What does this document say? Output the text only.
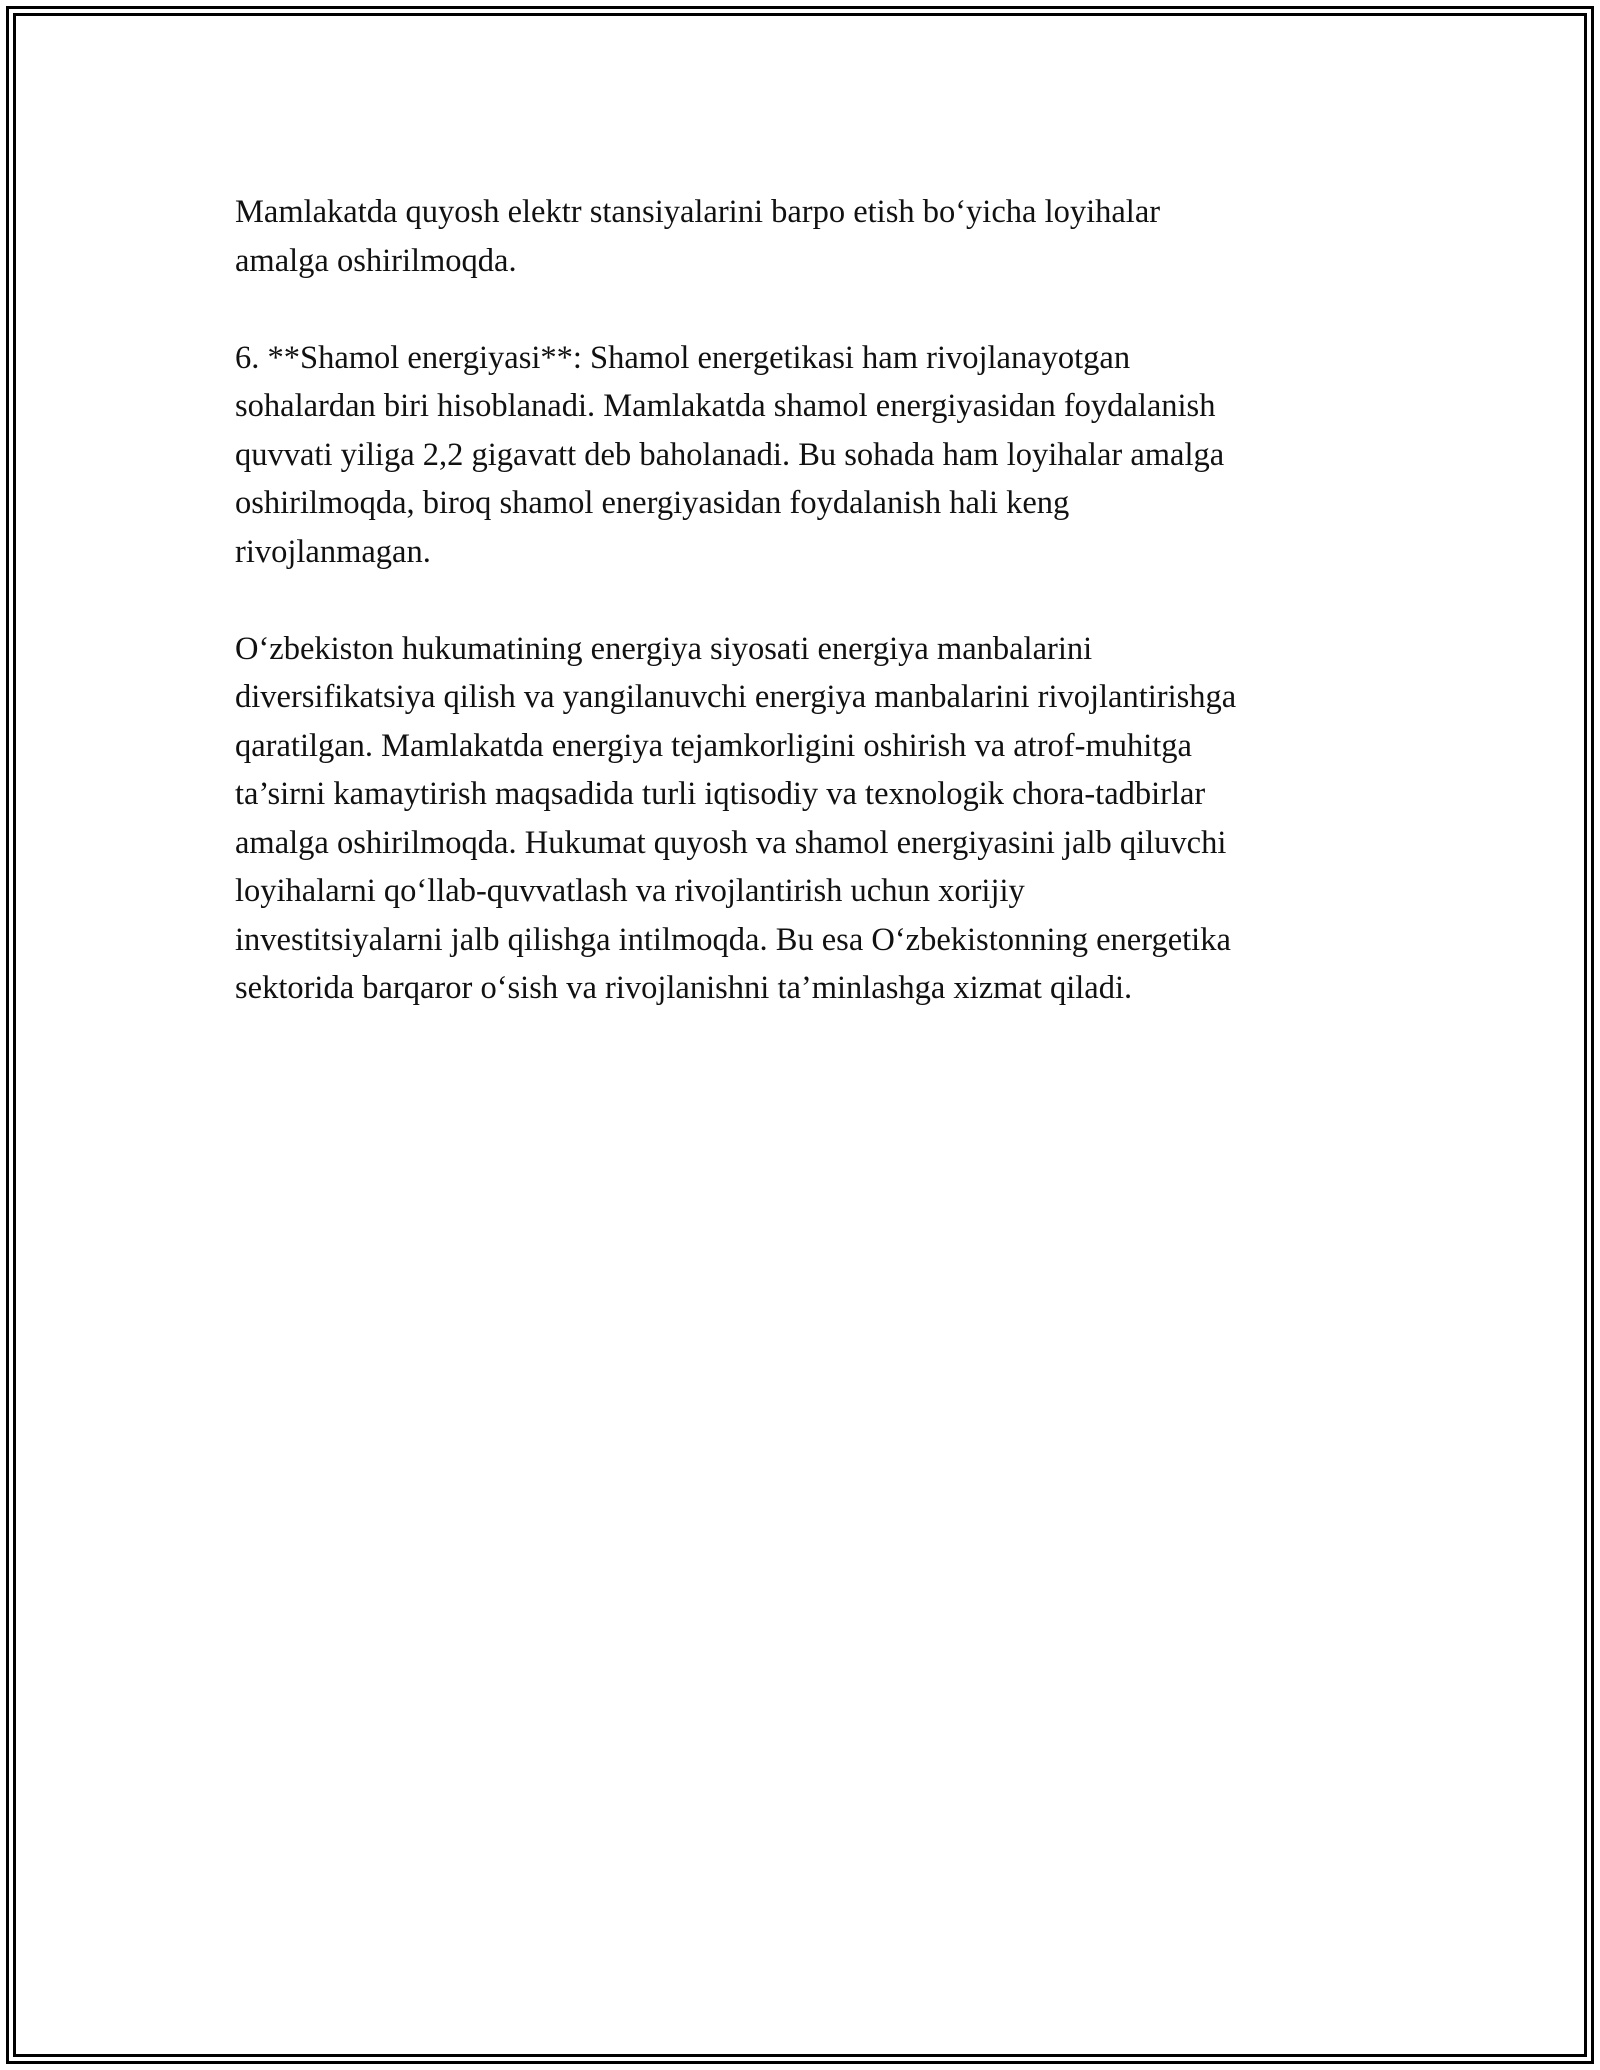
Mamlakatda quyosh elektr stansiyalarini barpo etish bo‘yicha loyihalar
amalga oshirilmoqda.

6. **Shamol energiyasi**: Shamol energetikasi ham rivojlanayotgan
sohalardan biri hisoblanadi. Mamlakatda shamol energiyasidan foydalanish
quvvati yiliga 2,2 gigavatt deb baholanadi. Bu sohada ham loyihalar amalga
oshirilmoqda, biroq shamol energiyasidan foydalanish hali keng
rivojlanmagan.

O‘zbekiston hukumatining energiya siyosati energiya manbalarini
diversifikatsiya qilish va yangilanuvchi energiya manbalarini rivojlantirishga
qaratilgan. Mamlakatda energiya tejamkorligini oshirish va atrof-muhitga
ta’sirni kamaytirish maqsadida turli iqtisodiy va texnologik chora-tadbirlar
amalga oshirilmoqda. Hukumat quyosh va shamol energiyasini jalb qiluvchi
loyihalarni qo‘llab-quvvatlash va rivojlantirish uchun xorijiy
investitsiyalarni jalb qilishga intilmoqda. Bu esa O‘zbekistonning energetika
sektorida barqaror o‘sish va rivojlanishni ta’minlashga xizmat qiladi.
